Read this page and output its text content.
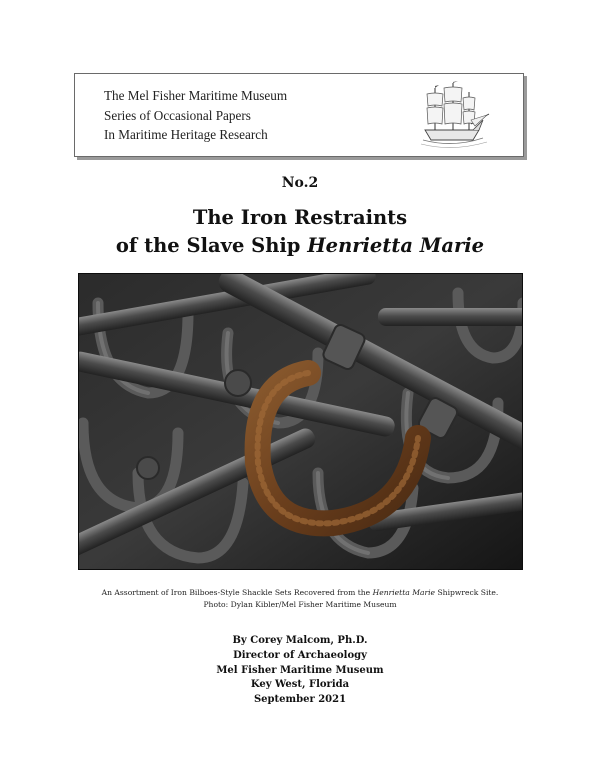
The Mel Fisher Maritime Museum
Series of Occasional Papers
In Maritime Heritage Research
No.2
The Iron Restraints
of the Slave Ship Henrietta Marie
An Assortment of Iron Bilboes-Style Shackle Sets Recovered from the Henrietta Marie Shipwreck Site.
Photo: Dylan Kibler/Mel Fisher Maritime Museum
By Corey Malcom, Ph.D.
Director of Archaeology
Mel Fisher Maritime Museum
Key West, Florida
September 2021
